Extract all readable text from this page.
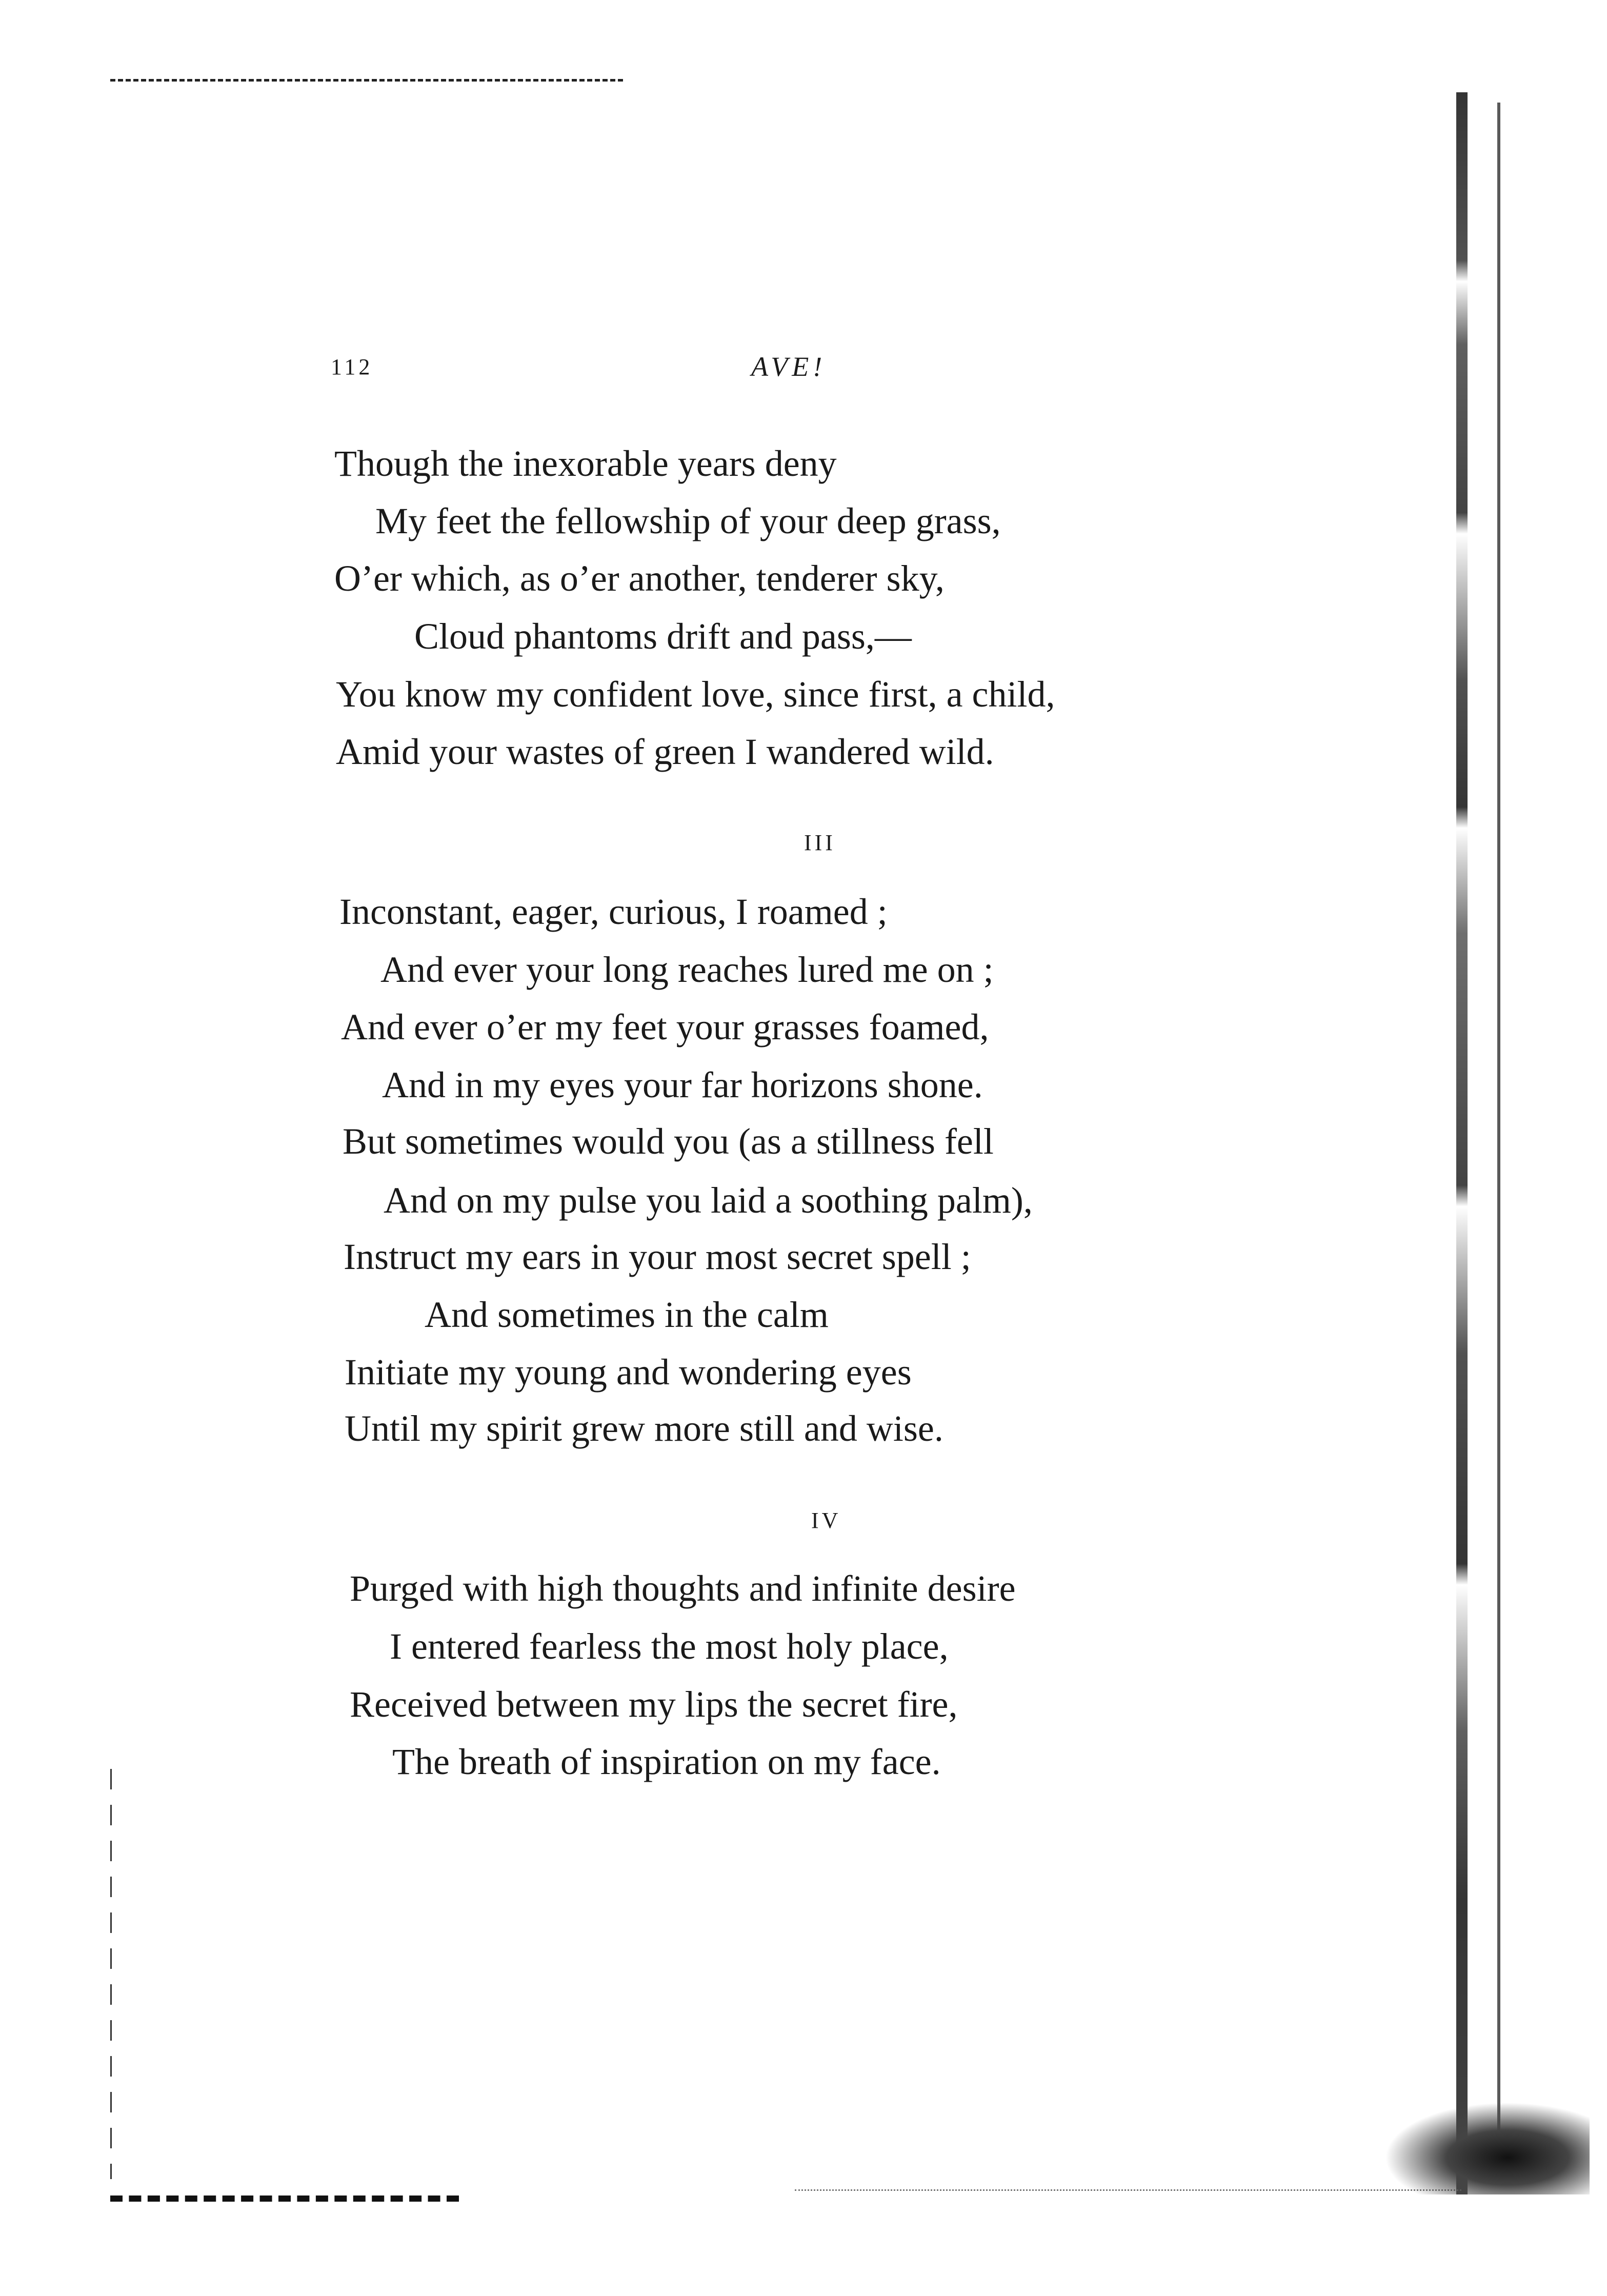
112	AVE!
Though the inexorable years deny
My feet the fellowship of your deep grass,
O’er which, as o’er another, tenderer sky,
Cloud phantoms drift and pass,—
You know my confident love, since first, a child,
Amid your wastes of green I wandered wild.
III
Inconstant, eager, curious, I roamed ;
And ever your long reaches lured me on ;
And ever o’er my feet your grasses foamed,
And in my eyes your far horizons shone.
But sometimes would you (as a stillness fell
And on my pulse you laid a soothing palm),
Instruct my ears in your most secret spell ;
And sometimes in the calm
Initiate my young and wondering eyes
Until my spirit grew more still and wise.
IV
Purged with high thoughts and infinite desire
I entered fearless the most holy place,
Received between my lips the secret fire,
The breath of inspiration on my face.
